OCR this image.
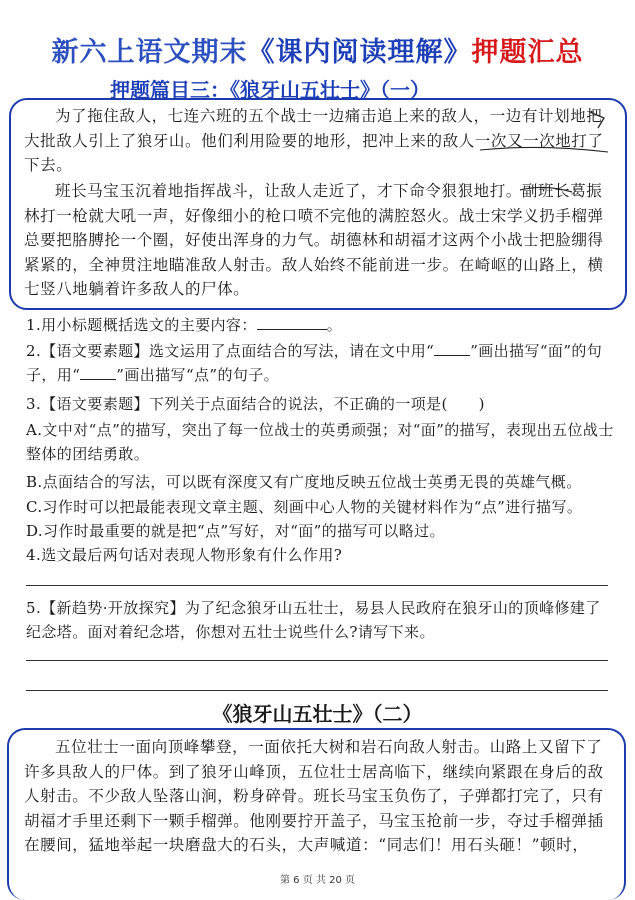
新六上语文期末《课内阅读理解》押题汇总
押题篇目三：《狼牙山五壮士》（一）

为了拖住敌人，七连六班的五个战士一边痛击追上来的敌人，一边有计划地把大批敌人引上了狼牙山。他们利用险要的地形，把冲上来的敌人一次又一次地打了下去。

班长马宝玉沉着地指挥战斗，让敌人走近了，才下命令狠狠地打。副班长葛振林打一枪就大吼一声，好像细小的枪口喷不完他的满腔怒火。战士宋学义扔手榴弹总要把胳膊抡一个圈，好使出浑身的力气。胡德林和胡福才这两个小战士把脸绷得紧紧的，全神贯注地瞄准敌人射击。敌人始终不能前进一步。在崎岖的山路上，横七竖八地躺着许多敌人的尸体。

1.用小标题概括选文的主要内容：	。

2.【语文要素题】选文运用了点面结合的写法，请在文中用“ ”画出描写“面”的句子，用“ ”画出描写“点”的句子。

3.【语文要素题】下列关于点面结合的说法，不正确的一项是(　　)

A.文中对“点”的描写，突出了每一位战士的英勇顽强；对“面”的描写，表现出五位战士整体的团结勇敢。

B.点面结合的写法，可以既有深度又有广度地反映五位战士英勇无畏的英雄气概。

C.习作时可以把最能表现文章主题、刻画中心人物的关键材料作为“点”进行描写。

D.习作时最重要的就是把“点”写好，对“面”的描写可以略过。

4.选文最后两句话对表现人物形象有什么作用?

5.【新趋势·开放探究】为了纪念狼牙山五壮士，易县人民政府在狼牙山的顶峰修建了纪念塔。面对着纪念塔，你想对五壮士说些什么?请写下来。

《狼牙山五壮士》（二）

五位壮士一面向顶峰攀登，一面依托大树和岩石向敌人射击。山路上又留下了许多具敌人的尸体。到了狼牙山峰顶，五位壮士居高临下，继续向紧跟在身后的敌人射击。不少敌人坠落山涧，粉身碎骨。班长马宝玉负伤了，子弹都打完了，只有胡福才手里还剩下一颗手榴弹。他刚要拧开盖子，马宝玉抢前一步，夺过手榴弹插在腰间，猛地举起一块磨盘大的石头，大声喊道：“同志们！用石头砸！”顿时，

第 6 页 共 20 页
